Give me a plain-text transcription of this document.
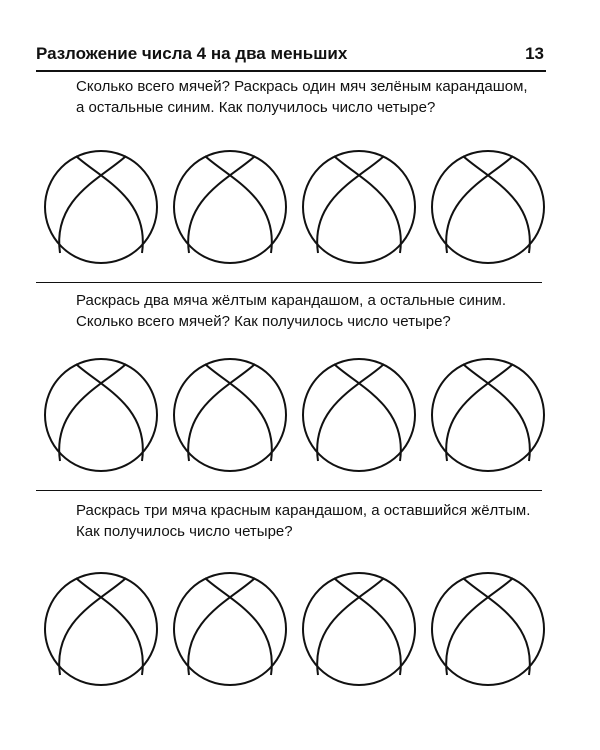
Разложение числа 4 на два меньших	13
Сколько всего мячей? Раскрась один мяч зелёным карандашом,
а остальные синим. Как получилось число четыре?
Раскрась два мяча жёлтым карандашом, а остальные синим.
Сколько всего мячей? Как получилось число четыре?
Раскрась три мяча красным карандашом, а оставшийся жёлтым.
Как получилось число четыре?
